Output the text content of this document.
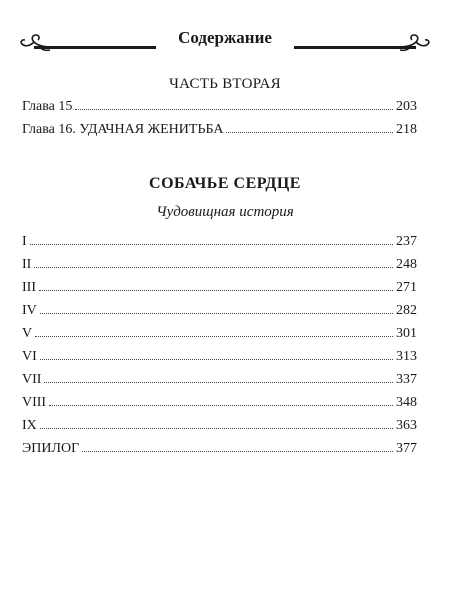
Содержание
ЧАСТЬ ВТОРАЯ
Глава 15	203
Глава 16. УДАЧНАЯ ЖЕНИТЬБА	218
СОБАЧЬЕ СЕРДЦЕ
Чудовищная история
I	237
II	248
III	271
IV	282
V	301
VI	313
VII	337
VIII	348
IX	363
ЭПИЛОГ	377
